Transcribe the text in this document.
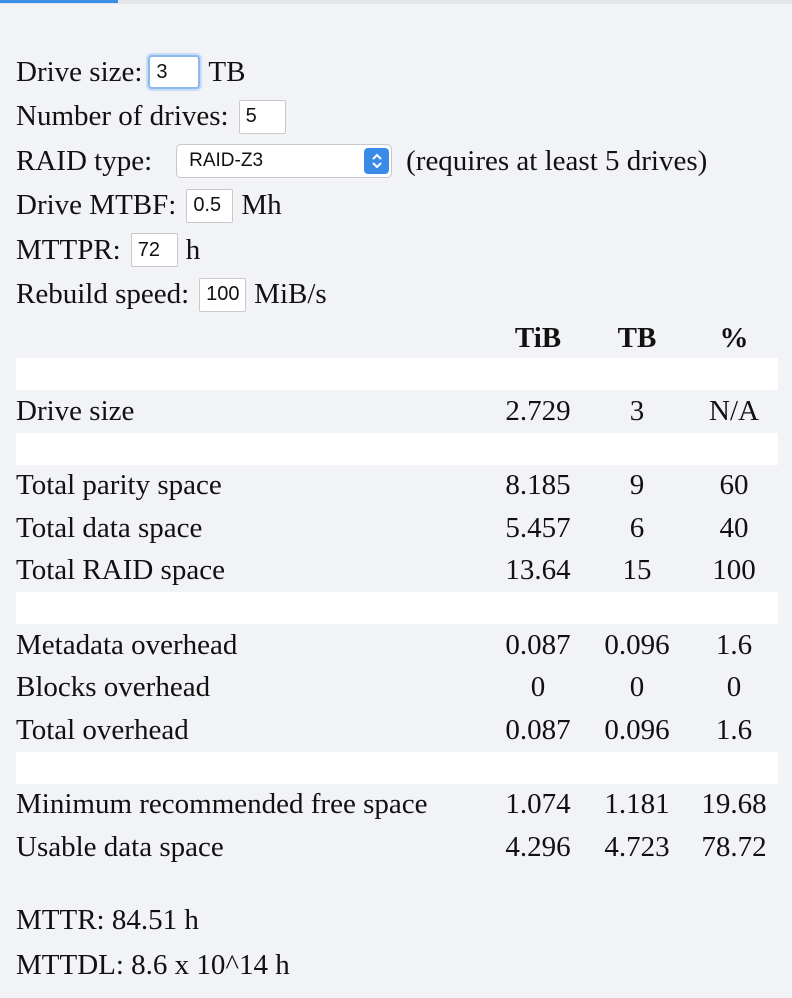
Drive size:
3 TB
Number of drives:
5
RAID type: RAID-Z3	(requires at least 5 drives)
Drive MTBF:
0.5 Mh
MTTPR:
72 h
Rebuild speed:
100 MiB/s
	TiB	TB	%

Drive size	2.729	3	N/A

Total parity space	8.185	9	60
Total data space	5.457	6	40
Total RAID space	13.64	15	100

Metadata overhead	0.087	0.096	1.6
Blocks overhead	0	0	0
Total overhead	0.087	0.096	1.6

Minimum recommended free space	1.074	1.181	19.68
Usable data space	4.296	4.723	78.72
MTTR: 84.51 h
MTTDL: 8.6 x 10^14 h
